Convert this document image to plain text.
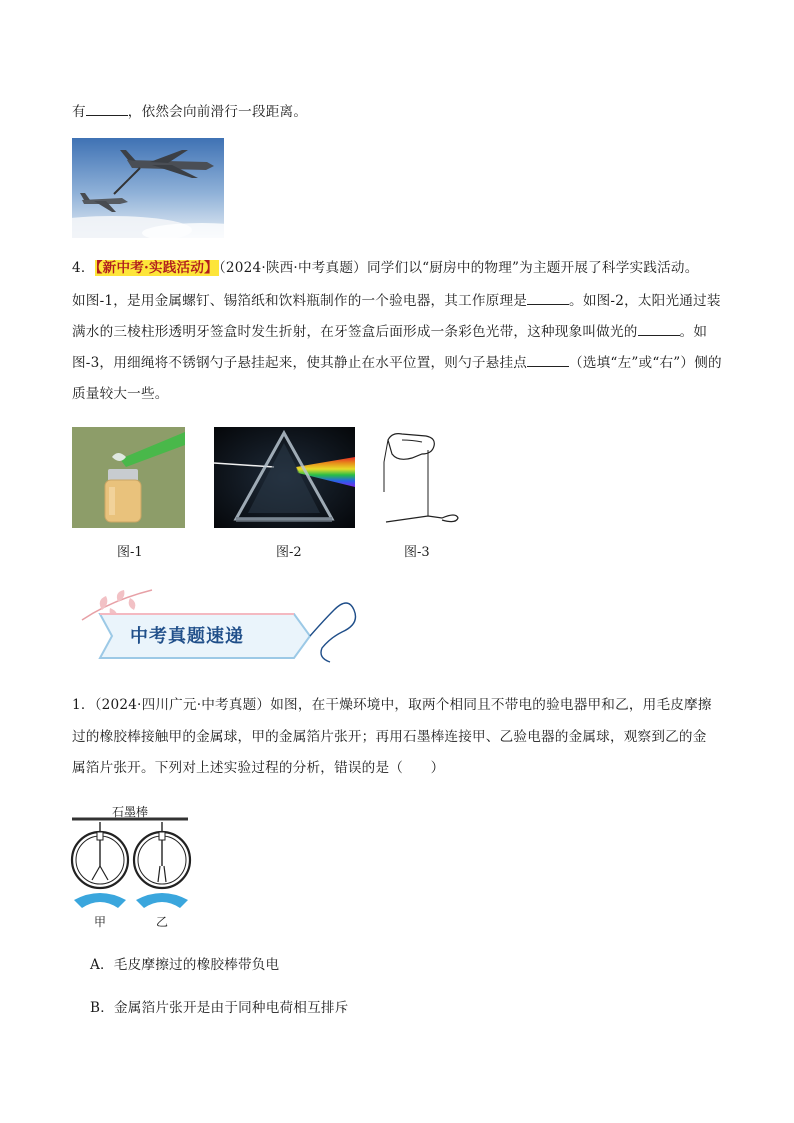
有	，依然会向前滑行一段距离。
4．【新中考·实践活动】（2024·陕西·中考真题）同学们以“厨房中的物理”为主题开展了科学实践活动。
如图-1，是用金属螺钉、锡箔纸和饮料瓶制作的一个验电器，其工作原理是	。如图-2，太阳光通过装
满水的三棱柱形透明牙签盒时发生折射，在牙签盒后面形成一条彩色光带，这种现象叫做光的	。如
图-3，用细绳将不锈钢勺子悬挂起来，使其静止在水平位置，则勺子悬挂点	（选填“左”或“右”）侧的
质量较大一些。
图-1	图-2	图-3
中考真题速递
1．（2024·四川广元·中考真题）如图，在干燥环境中，取两个相同且不带电的验电器甲和乙，用毛皮摩擦
过的橡胶棒接触甲的金属球，甲的金属箔片张开；再用石墨棒连接甲、乙验电器的金属球，观察到乙的金
属箔片张开。下列对上述实验过程的分析，错误的是（　　）
石墨棒
甲	乙
A．毛皮摩擦过的橡胶棒带负电
B．金属箔片张开是由于同种电荷相互排斥
